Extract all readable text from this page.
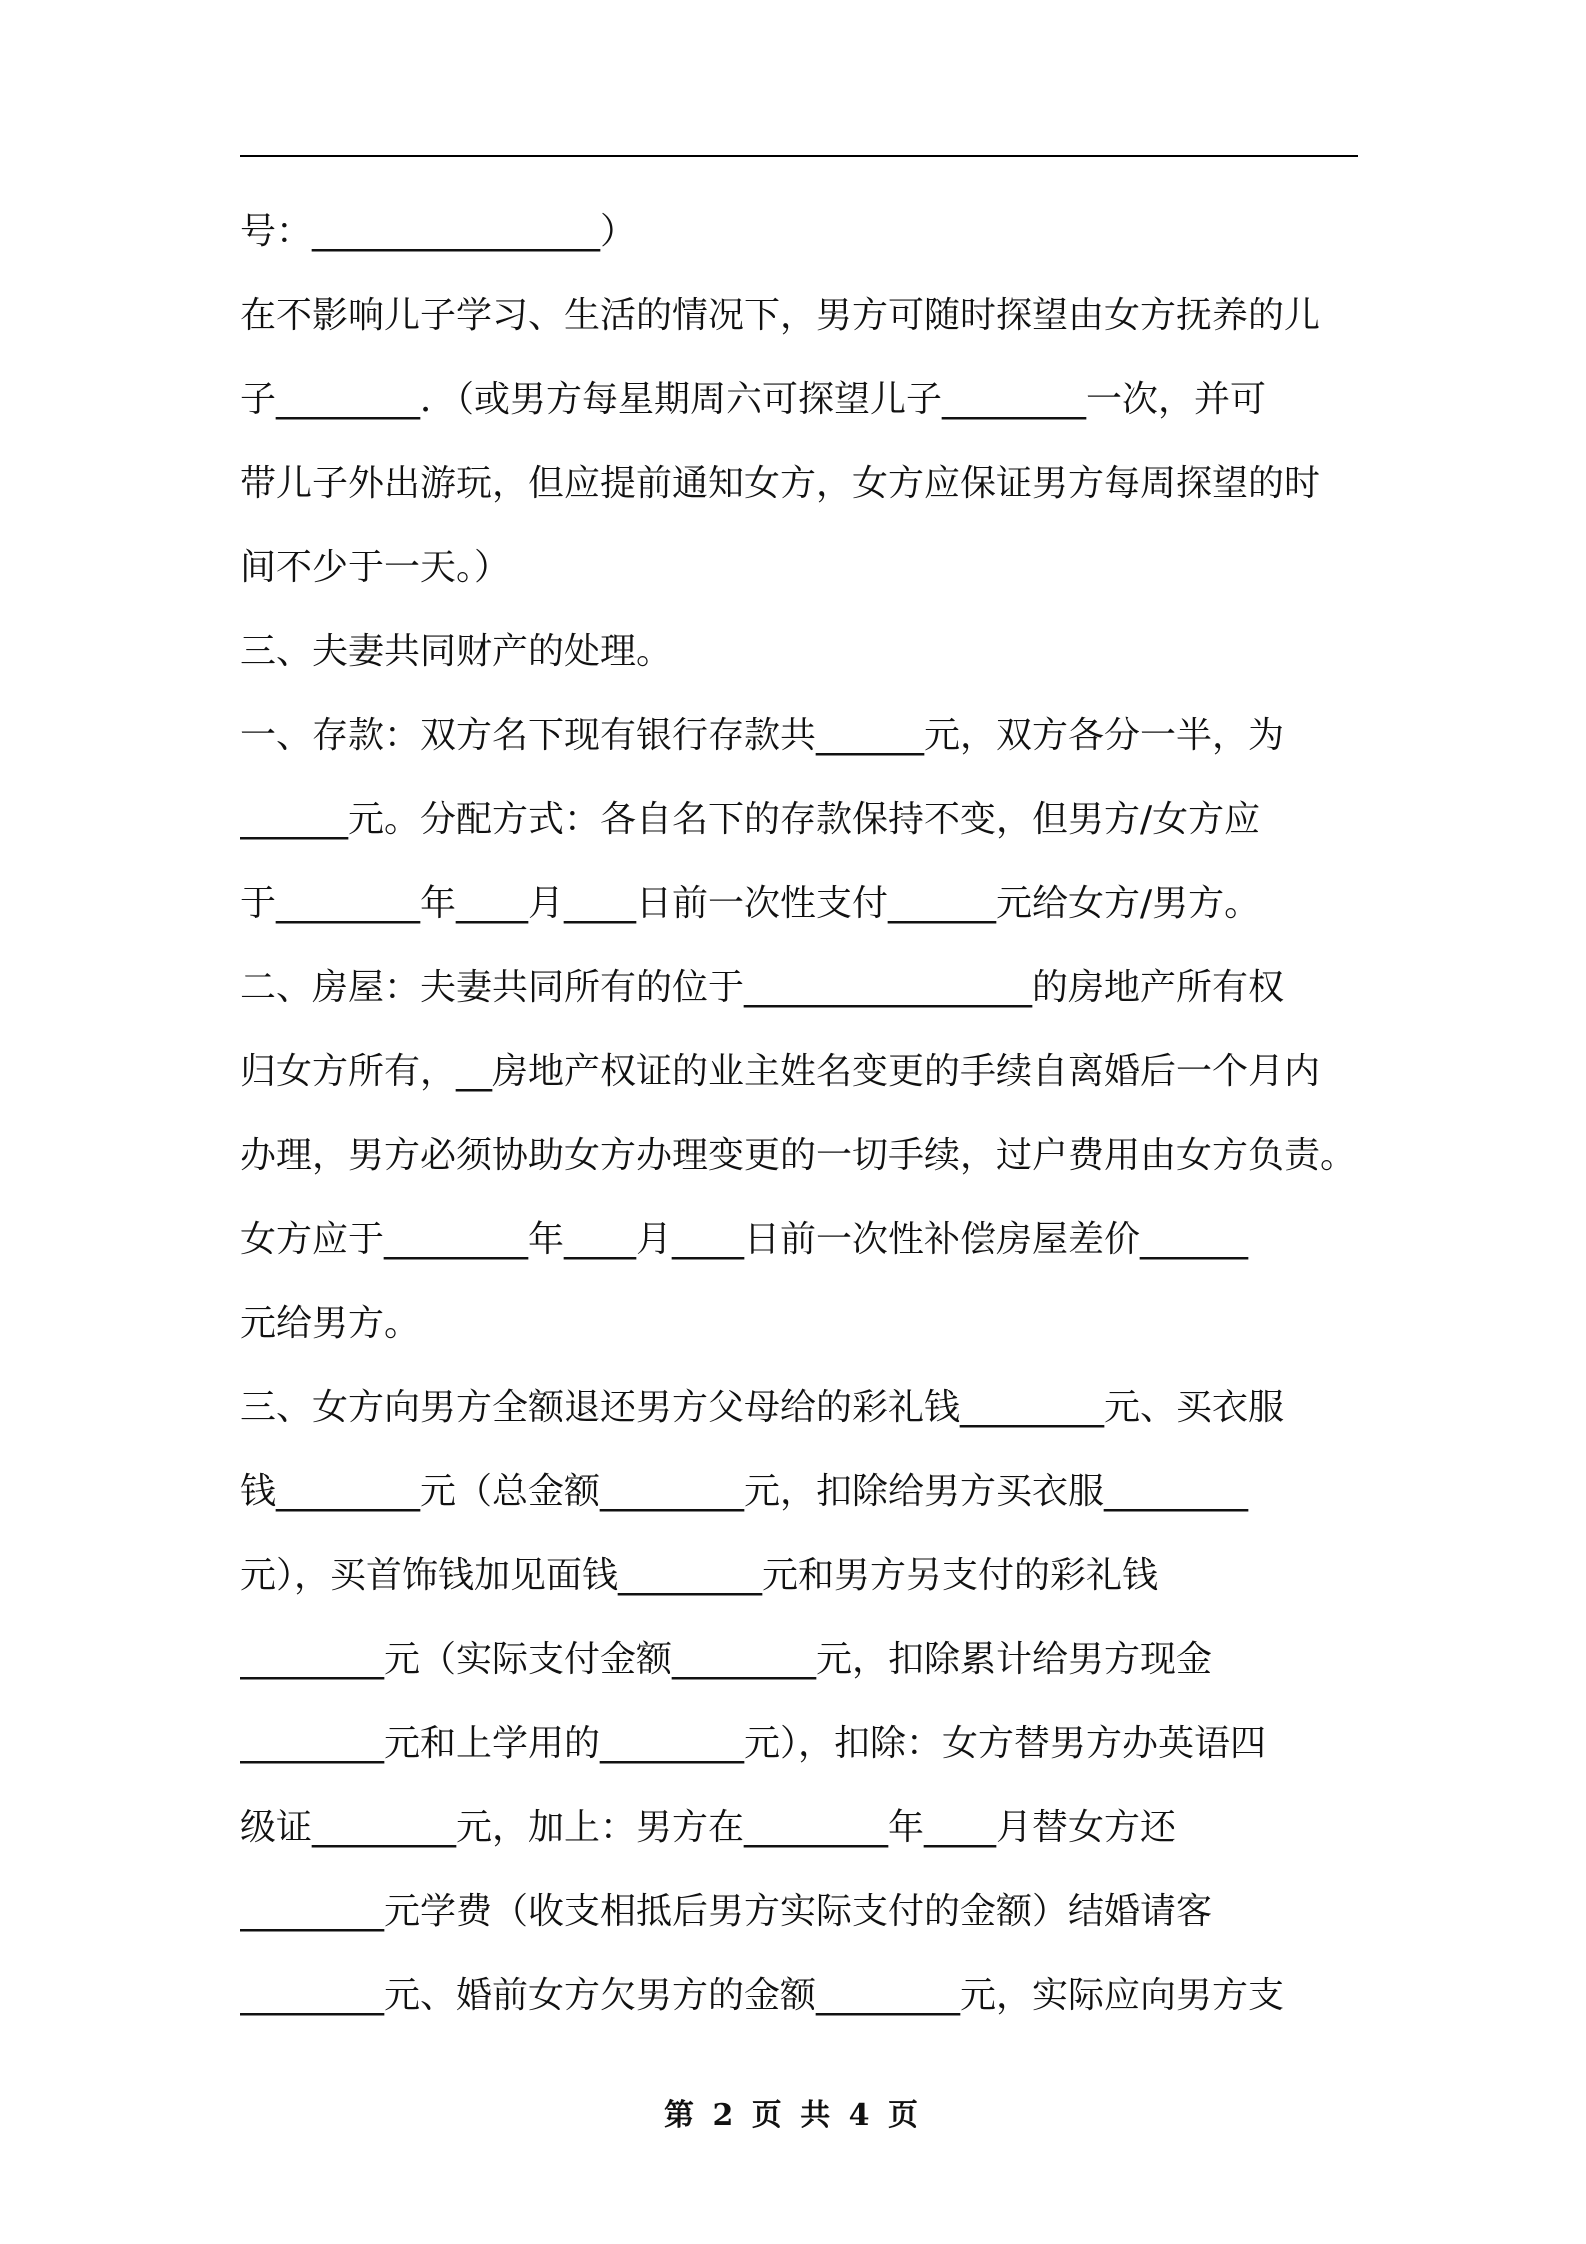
号：________________）
在不影响儿子学习、生活的情况下，男方可随时探望由女方抚养的儿
子________．（或男方每星期周六可探望儿子________一次，并可
带儿子外出游玩，但应提前通知女方，女方应保证男方每周探望的时
间不少于一天。）
三、夫妻共同财产的处理。
一、存款：双方名下现有银行存款共______元，双方各分一半，为
______元。分配方式：各自名下的存款保持不变，但男方/女方应
于________年____月____日前一次性支付______元给女方/男方。
二、房屋：夫妻共同所有的位于________________的房地产所有权
归女方所有，__房地产权证的业主姓名变更的手续自离婚后一个月内
办理，男方必须协助女方办理变更的一切手续，过户费用由女方负责。
女方应于________年____月____日前一次性补偿房屋差价______
元给男方。
三、女方向男方全额退还男方父母给的彩礼钱________元、买衣服
钱________元（总金额________元，扣除给男方买衣服________
元），买首饰钱加见面钱________元和男方另支付的彩礼钱
________元（实际支付金额________元，扣除累计给男方现金
________元和上学用的________元），扣除：女方替男方办英语四
级证________元，加上：男方在________年____月替女方还
________元学费（收支相抵后男方实际支付的金额）结婚请客
________元、婚前女方欠男方的金额________元，实际应向男方支
第 2 页 共 4 页
